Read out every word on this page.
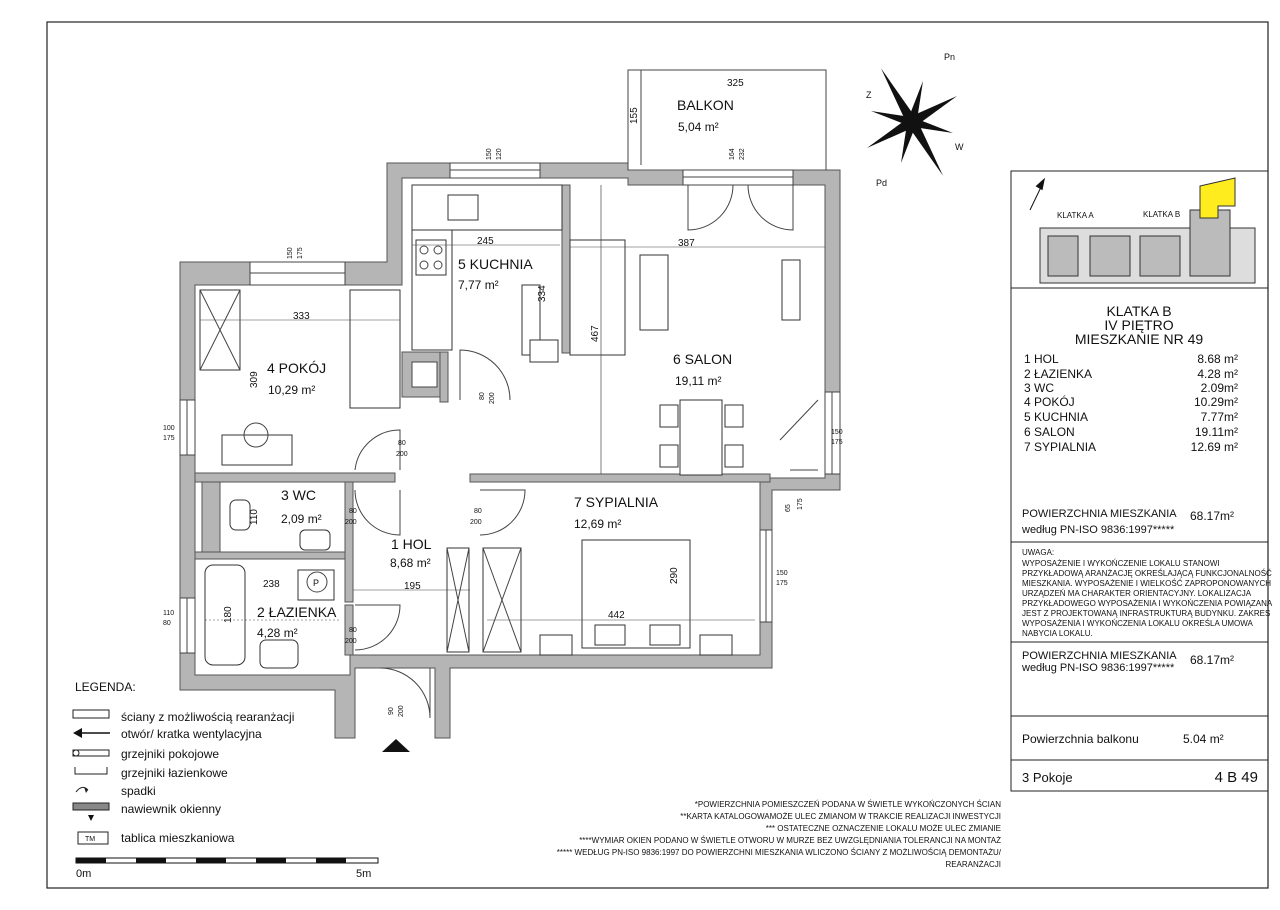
P
BALKON
5,04 m²
325
155
5 KUCHNIA
7,77 m²
6 SALON
19,11 m²
4 POKÓJ
10,29 m²
3 WC
2,09 m²
1 HOL
8,68 m²
7 SYPIALNIA
12,69 m²
2 ŁAZIENKA
4,28 m²
245	387
333
309
334
467
110
238
180
195
442
290
150 120
150 175
164 232
100
175
110
80
150
175
150
175
65 175
80
200
80 200
80
200
80
200
80
200
90 200
Pn
Pd
W
Z
KLATKA A	KLATKA B
KLATKA B
IV PIĘTRO
MIESZKANIE NR 49
1 HOL	8.68 m²
2 ŁAZIENKA	4.28 m²
3 WC	2.09m²
4 POKÓJ	10.29m²
5 KUCHNIA	7.77m²
6 SALON	19.11m²
7 SYPIALNIA	12.69 m²
POWIERZCHNIA MIESZKANIA
według PN-ISO 9836:1997*****
68.17m²
UWAGA:
WYPOSAŻENIE I WYKOŃCZENIE LOKALU STANOWI
PRZYKŁADOWĄ ARANŻACJĘ OKREŚLAJĄCĄ FUNKCJONALNOŚĆ
MIESZKANIA. WYPOSAŻENIE I WIELKOŚĆ ZAPROPONOWANYCH
URZĄDZEŃ MA CHARAKTER ORIENTACYJNY. LOKALIZACJA
PRZYKŁADOWEGO WYPOSAŻENIA I WYKOŃCZENIA POWIĄZANA
JEST Z PROJEKTOWANĄ INFRASTRUKTURĄ BUDYNKU. ZAKRES
WYPOSAŻENIA I WYKOŃCZENIA LOKALU OKREŚLA UMOWA
NABYCIA LOKALU.
POWIERZCHNIA MIESZKANIA
według PN-ISO 9836:1997*****
68.17m²
Powierzchnia balkonu	5.04 m²
3 Pokoje	4 B 49
LEGENDA:
ściany z możliwością rearanżacji
otwór/ kratka wentylacyjna
grzejniki pokojowe
grzejniki łazienkowe
spadki
nawiewnik okienny
TM tablica mieszkaniowa
0m	5m
*POWIERZCHNIA POMIESZCZEŃ PODANA W ŚWIETLE WYKOŃCZONYCH ŚCIAN
**KARTA KATALOGOWAMOŻE ULEC ZMIANOM W TRAKCIE REALIZACJI INWESTYCJI
*** OSTATECZNE OZNACZENIE LOKALU MOŻE ULEC ZMIANIE
****WYMIAR OKIEN PODANO W ŚWIETLE OTWORU W MURZE BEZ UWZGLĘDNIANIA TOLERANCJI NA MONTAŻ
***** WEDŁUG PN-ISO 9836:1997 DO POWIERZCHNI MIESZKANIA WLICZONO ŚCIANY Z MOŻLIWOŚCIĄ DEMONTAŻU/
REARANŻACJI
